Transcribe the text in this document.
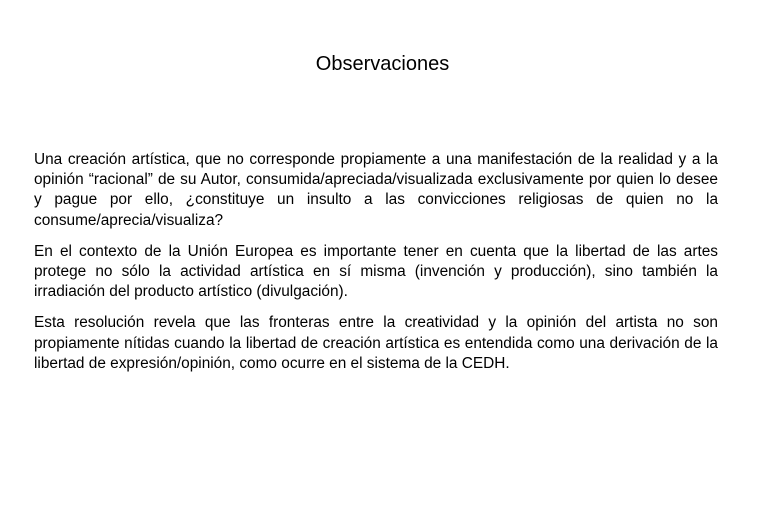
Observaciones

Una creación artística, que no corresponde propiamente a una manifestación de la realidad y a la opinión “racional” de su Autor, consumida/apreciada/visualizada exclusivamente por quien lo desee y pague por ello, ¿constituye un insulto a las convicciones religiosas de quien no la consume/aprecia/visualiza?

En el contexto de la Unión Europea es importante tener en cuenta que la libertad de las artes protege no sólo la actividad artística en sí misma (invención y producción), sino también la irradiación del producto artístico (divulgación).

Esta resolución revela que las fronteras entre la creatividad y la opinión del artista no son propiamente nítidas cuando la libertad de creación artística es entendida como una derivación de la libertad de expresión/opinión, como ocurre en el sistema de la CEDH.
